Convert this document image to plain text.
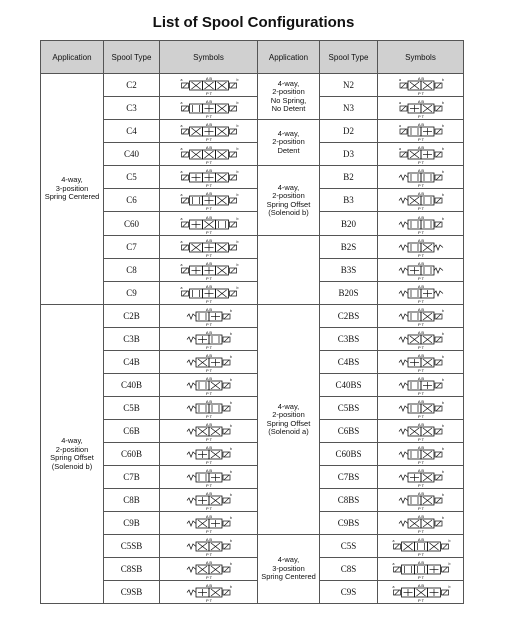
List of Spool Configurations
Application	Spool Type	Symbols	Application	Spool Type	Symbols
4-way,
3-position
Spring Centered	C2	A B
P T
a b	4-way,
2-position
No Spring,
No Detent	N2	A B
P T
a b

	C3	A B
P T
a b		N3	A B
P T
a b

	C4	A B
P T
a b	4-way,
2-position
Detent	D2	A B
P T
a b

	C40	A B
P T
a b		D3	A B
P T
a b

	C5	A B
P T
a b	4-way,
2-position
Spring Offset
(Solenoid b)	B2	A B
P T
b

	C6	A B
P T
a b		B3	A B
P T
b

	C60	A B
P T
a b		B20	A B
P T
b

	C7	A B
P T
a b		B2S	A B
P T

	C8	A B
P T
a b		B3S	A B
P T

	C9	A B
P T
a b		B20S	A B
P T

4-way,
2-position
Spring Offset
(Solenoid b)	C2B	A B
P T
b	4-way,
2-position
Spring Offset
(Solenoid a)	C2BS	A B
P T
b

	C3B	A B
P T
b		C3BS	A B
P T
b

	C4B	A B
P T
b		C4BS	A B
P T
b

	C40B	A B
P T
b		C40BS	A B
P T
b

	C5B	A B
P T
b		C5BS	A B
P T
b

	C6B	A B
P T
b		C6BS	A B
P T
b

	C60B	A B
P T
b		C60BS	A B
P T
b

	C7B	A B
P T
b		C7BS	A B
P T
b

	C8B	A B
P T
b		C8BS	A B
P T
b

	C9B	A B
P T
b		C9BS	A B
P T
b

	C5SB	A B
P T
b	4-way,
3-position
Spring Centered	C5S	A B
P T
a b

	C8SB	A B
P T
b		C8S	A B
P T
a b

	C9SB	A B
P T
b		C9S	A B
P T
a b
